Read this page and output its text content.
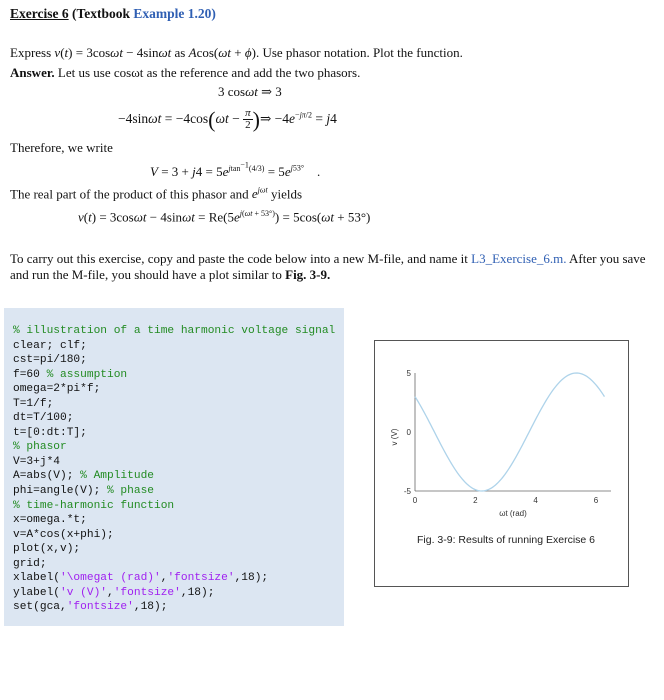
Exercise 6 (Textbook Example 1.20)
Express v(t) = 3cosωt − 4sinωt as Acos(ωt + ϕ). Use phasor notation. Plot the function.
Answer. Let us use cosωt as the reference and add the two phasors.
3 cosωt ⇒ 3
$-4\sin\omega t = -4\cos(\omega t - \frac{\pi}{2})\Rightarrow -4e^{-j\pi/2} = j4$
Therefore, we write
$V = 3 + j4 = 5e^{jtan^{-1}(4/3)} = 5e^{j53^\circ}$    .
The real part of the product of this phasor and $e^{j\omega t}$ yields
$v(t) = 3\cos\omega t - 4\sin\omega t = Re(5e^{j(\omega t + 53^\circ)}) = 5\cos(\omega t + 53^\circ)$
To carry out this exercise, copy and paste the code below into a new M-file, and name it L3_Exercise_6.m. After you save and run the M-file, you should have a plot similar to Fig. 3-9.
% illustration of a time harmonic voltage signal
clear; clf;
cst=pi/180;
f=60 % assumption
omega=2*pi*f;
T=1/f;
dt=T/100;
t=[0:dt:T];
% phasor
V=3+j*4
A=abs(V); % Amplitude
phi=angle(V); % phase
% time-harmonic function
x=omega.*t;
v=A*cos(x+phi);
plot(x,v);
grid;
xlabel('\omegat (rad)','fontsize',18);
ylabel('v (V)','fontsize',18);
set(gca,'fontsize',18);
5
0
-5
0	2	4	6
v (V)
ωt (rad)
Fig. 3-9: Results of running Exercise 6
